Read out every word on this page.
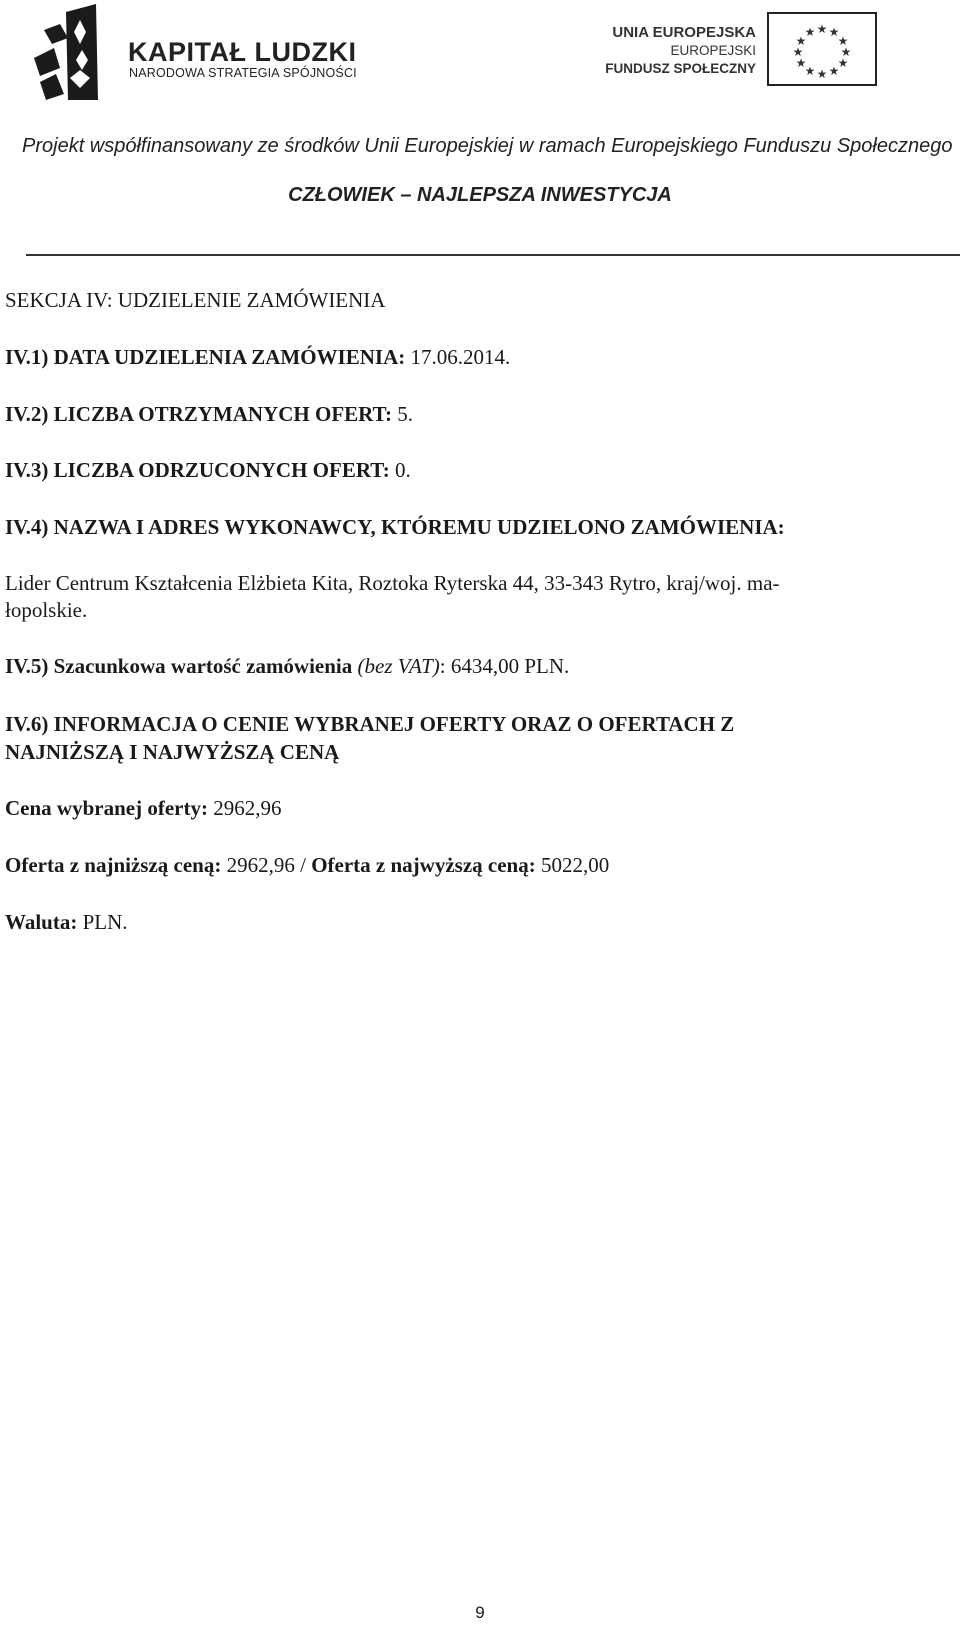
KAPITAŁ LUDZKI
NARODOWA STRATEGIA SPÓJNOŚCI
UNIA EUROPEJSKA
EUROPEJSKI
FUNDUSZ SPOŁECZNY
★ ★
★
★
★
★
★
★
★
★
★
★
Projekt współfinansowany ze środków Unii Europejskiej w ramach Europejskiego Funduszu Społecznego
CZŁOWIEK – NAJLEPSZA INWESTYCJA
SEKCJA IV: UDZIELENIE ZAMÓWIENIA
IV.1) DATA UDZIELENIA ZAMÓWIENIA: 17.06.2014.
IV.2) LICZBA OTRZYMANYCH OFERT: 5.
IV.3) LICZBA ODRZUCONYCH OFERT: 0.
IV.4) NAZWA I ADRES WYKONAWCY, KTÓREMU UDZIELONO ZAMÓWIENIA:
Lider Centrum Kształcenia Elżbieta Kita, Roztoka Ryterska 44, 33-343 Rytro, kraj/woj. ma-
łopolskie.
IV.5) Szacunkowa wartość zamówienia (bez VAT): 6434,00 PLN.
IV.6) INFORMACJA O CENIE WYBRANEJ OFERTY ORAZ O OFERTACH Z
NAJNIŻSZĄ I NAJWYŻSZĄ CENĄ
Cena wybranej oferty: 2962,96
Oferta z najniższą ceną: 2962,96 / Oferta z najwyższą ceną: 5022,00
Waluta: PLN.
9
